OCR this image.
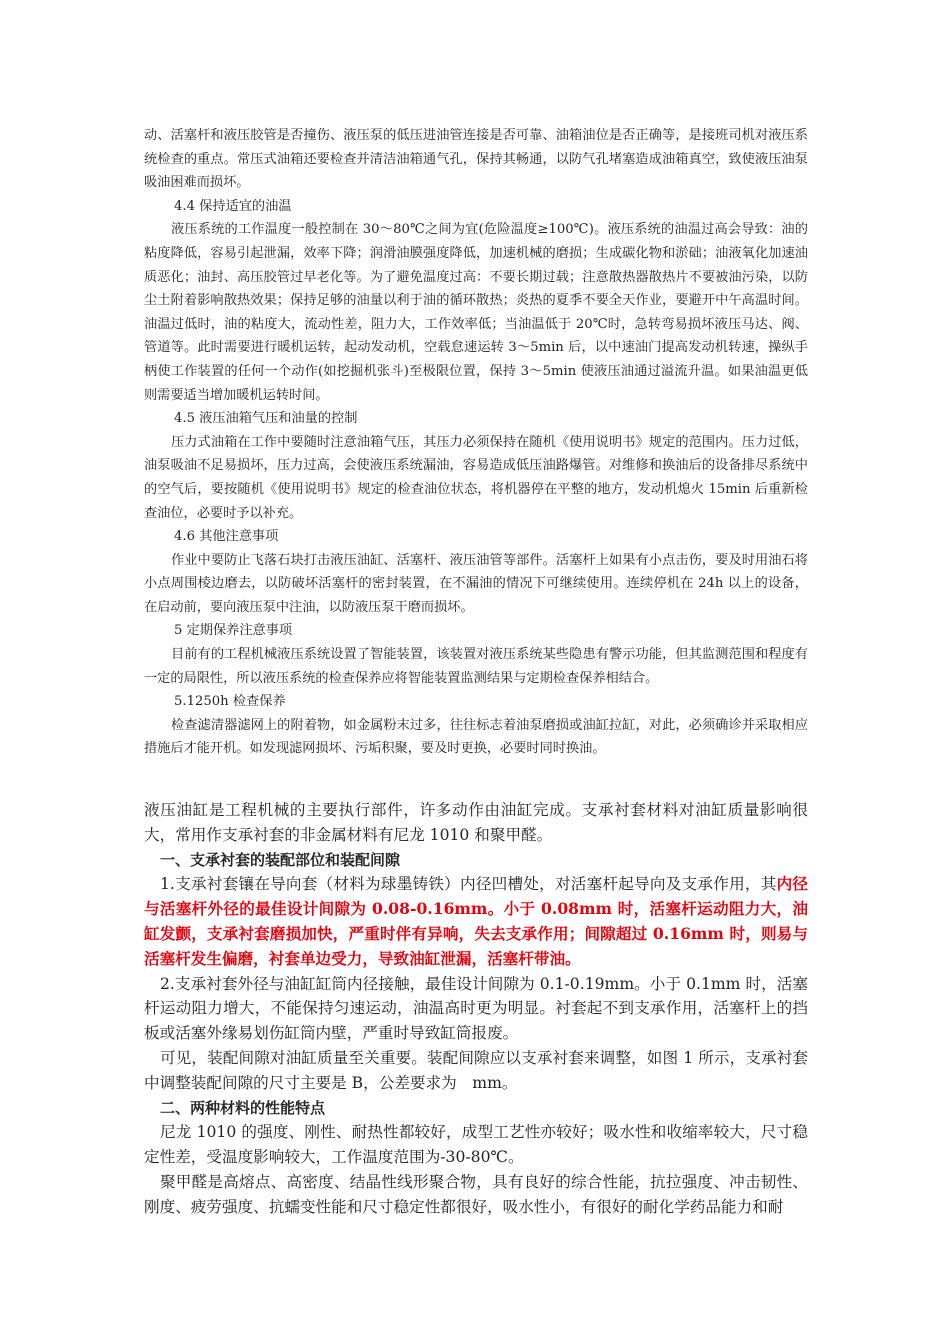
动、活塞杆和液压胶管是否撞伤、液压泵的低压进油管连接是否可靠、油箱油位是否正确等，是接班司机对液压系统检查的重点。常压式油箱还要检查并清洁油箱通气孔，保持其畅通，以防气孔堵塞造成油箱真空，致使液压油泵吸油困难而损坏。

4.4 保持适宜的油温

液压系统的工作温度一般控制在 30～80℃之间为宜(危险温度≥100℃)。液压系统的油温过高会导致：油的粘度降低，容易引起泄漏，效率下降；润滑油膜强度降低，加速机械的磨损；生成碳化物和淤础；油液氧化加速油质恶化；油封、高压胶管过早老化等。为了避免温度过高：不要长期过载；注意散热器散热片不要被油污染，以防尘土附着影响散热效果；保持足够的油量以利于油的循环散热；炎热的夏季不要全天作业，要避开中午高温时间。油温过低时，油的粘度大，流动性差，阻力大，工作效率低；当油温低于 20℃时，急转弯易损坏液压马达、阀、管道等。此时需要进行暖机运转，起动发动机，空载怠速运转 3～5min 后，以中速油门提高发动机转速，操纵手柄使工作装置的任何一个动作(如挖掘机张斗)至极限位置，保持 3～5min 使液压油通过溢流升温。如果油温更低则需要适当增加暖机运转时间。

4.5 液压油箱气压和油量的控制

压力式油箱在工作中要随时注意油箱气压，其压力必须保持在随机《使用说明书》规定的范围内。压力过低，油泵吸油不足易损坏，压力过高，会使液压系统漏油，容易造成低压油路爆管。对维修和换油后的设备排尽系统中的空气后，要按随机《使用说明书》规定的检查油位状态，将机器停在平整的地方，发动机熄火 15min 后重新检查油位，必要时予以补充。

4.6 其他注意事项

作业中要防止飞落石块打击液压油缸、活塞杆、液压油管等部件。活塞杆上如果有小点击伤，要及时用油石将小点周围棱边磨去，以防破坏活塞杆的密封装置，在不漏油的情况下可继续使用。连续停机在 24h 以上的设备，在启动前，要向液压泵中注油，以防液压泵干磨而损坏。

5 定期保养注意事项

目前有的工程机械液压系统设置了智能装置，该装置对液压系统某些隐患有警示功能，但其监测范围和程度有一定的局限性，所以液压系统的检查保养应将智能装置监测结果与定期检查保养相结合。

5.1250h 检查保养

检查滤清器滤网上的附着物，如金属粉末过多，往往标志着油泵磨损或油缸拉缸，对此，必须确诊并采取相应措施后才能开机。如发现滤网损坏、污垢积聚，要及时更换，必要时同时换油。

液压油缸是工程机械的主要执行部件，许多动作由油缸完成。支承衬套材料对油缸质量影响很大，常用作支承衬套的非金属材料有尼龙 1010 和聚甲醛。

一、支承衬套的装配部位和装配间隙

1.支承衬套镶在导向套（材料为球墨铸铁）内径凹槽处，对活塞杆起导向及支承作用，其内径与活塞杆外径的最佳设计间隙为 0.08-0.16mm。小于 0.08mm 时，活塞杆运动阻力大，油缸发颤，支承衬套磨损加快，严重时伴有异响，失去支承作用；间隙超过 0.16mm 时，则易与活塞杆发生偏磨，衬套单边受力，导致油缸泄漏，活塞杆带油。

2.支承衬套外径与油缸缸筒内径接触，最佳设计间隙为 0.1-0.19mm。小于 0.1mm 时，活塞杆运动阻力增大，不能保持匀速运动，油温高时更为明显。衬套起不到支承作用，活塞杆上的挡板或活塞外缘易划伤缸筒内壁，严重时导致缸筒报废。

可见，装配间隙对油缸质量至关重要。装配间隙应以支承衬套来调整，如图 1 所示，支承衬套中调整装配间隙的尺寸主要是 B，公差要求为　mm。

二、两种材料的性能特点

尼龙 1010 的强度、刚性、耐热性都较好，成型工艺性亦较好；吸水性和收缩率较大，尺寸稳定性差，受温度影响较大，工作温度范围为-30-80℃。

聚甲醛是高熔点、高密度、结晶性线形聚合物，具有良好的综合性能，抗拉强度、冲击韧性、刚度、疲劳强度、抗蠕变性能和尺寸稳定性都很好，吸水性小，有很好的耐化学药品能力和耐
